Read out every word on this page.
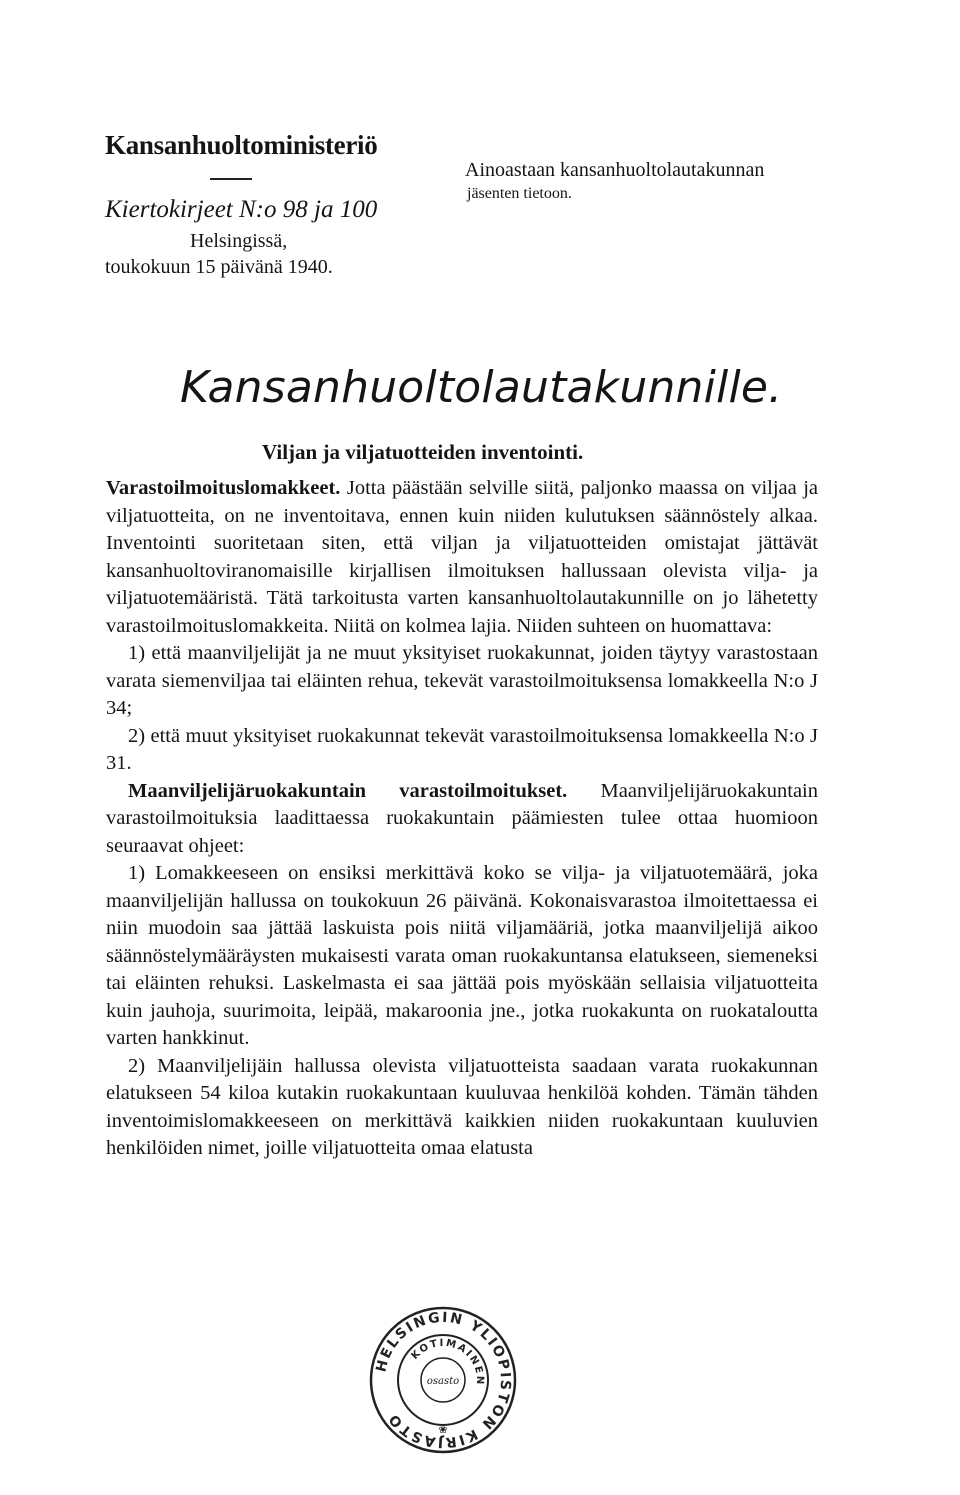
Kansanhuoltoministeriö
Kiertokirjeet N:o 98 ja 100
Helsingissä,
toukokuun 15 päivänä 1940.
Ainoastaan kansanhuoltolautakunnan
jäsenten tietoon.
Kansanhuoltolautakunnille.
Viljan ja viljatuotteiden inventointi.

Varastoilmoituslomakkeet. Jotta päästään selville siitä, paljonko maassa on viljaa ja viljatuotteita, on ne inventoitava, ennen kuin niiden kulutuksen säännöstely alkaa. Inventointi suoritetaan siten, että viljan ja viljatuotteiden omistajat jättävät kansanhuoltoviranomaisille kirjallisen ilmoituksen hallussaan olevista vilja- ja viljatuotemääristä. Tätä tarkoitusta varten kansanhuoltolautakunnille on jo lähetetty varastoilmoituslomakkeita. Niitä on kolmea lajia. Niiden suhteen on huomattava:

1) että maanviljelijät ja ne muut yksityiset ruokakunnat, joiden täytyy varastostaan varata siemenviljaa tai eläinten rehua, tekevät varastoilmoituksensa lomakkeella N:o J 34;

2) että muut yksityiset ruokakunnat tekevät varastoilmoituksensa lomakkeella N:o J 31.

Maanviljelijäruokakuntain varastoilmoitukset. Maanviljelijäruokakuntain varastoilmoituksia laadittaessa ruokakuntain päämiesten tulee ottaa huomioon seuraavat ohjeet:

1) Lomakkeeseen on ensiksi merkittävä koko se vilja- ja viljatuotemäärä, joka maanviljelijän hallussa on toukokuun 26 päivänä. Kokonaisvarastoa ilmoitettaessa ei niin muodoin saa jättää laskuista pois niitä viljamääriä, jotka maanviljelijä aikoo säännöstelymääräysten mukaisesti varata oman ruokakuntansa elatukseen, siemeneksi tai eläinten rehuksi. Laskelmasta ei saa jättää pois myöskään sellaisia viljatuotteita kuin jauhoja, suurimoita, leipää, makaroonia jne., jotka ruokakunta on ruokataloutta varten hankkinut.

2) Maanviljelijäin hallussa olevista viljatuotteista saadaan varata ruokakunnan elatukseen 54 kiloa kutakin ruokakuntaan kuuluvaa henkilöä kohden. Tämän tähden inventoimislomakkeeseen on merkittävä kaikkien niiden ruokakuntaan kuuluvien henkilöiden nimet, joille viljatuotteita omaa elatusta

HELSINGIN YLIOPISTON KIRJASTO
KOTIMAINEN
osasto
❀
